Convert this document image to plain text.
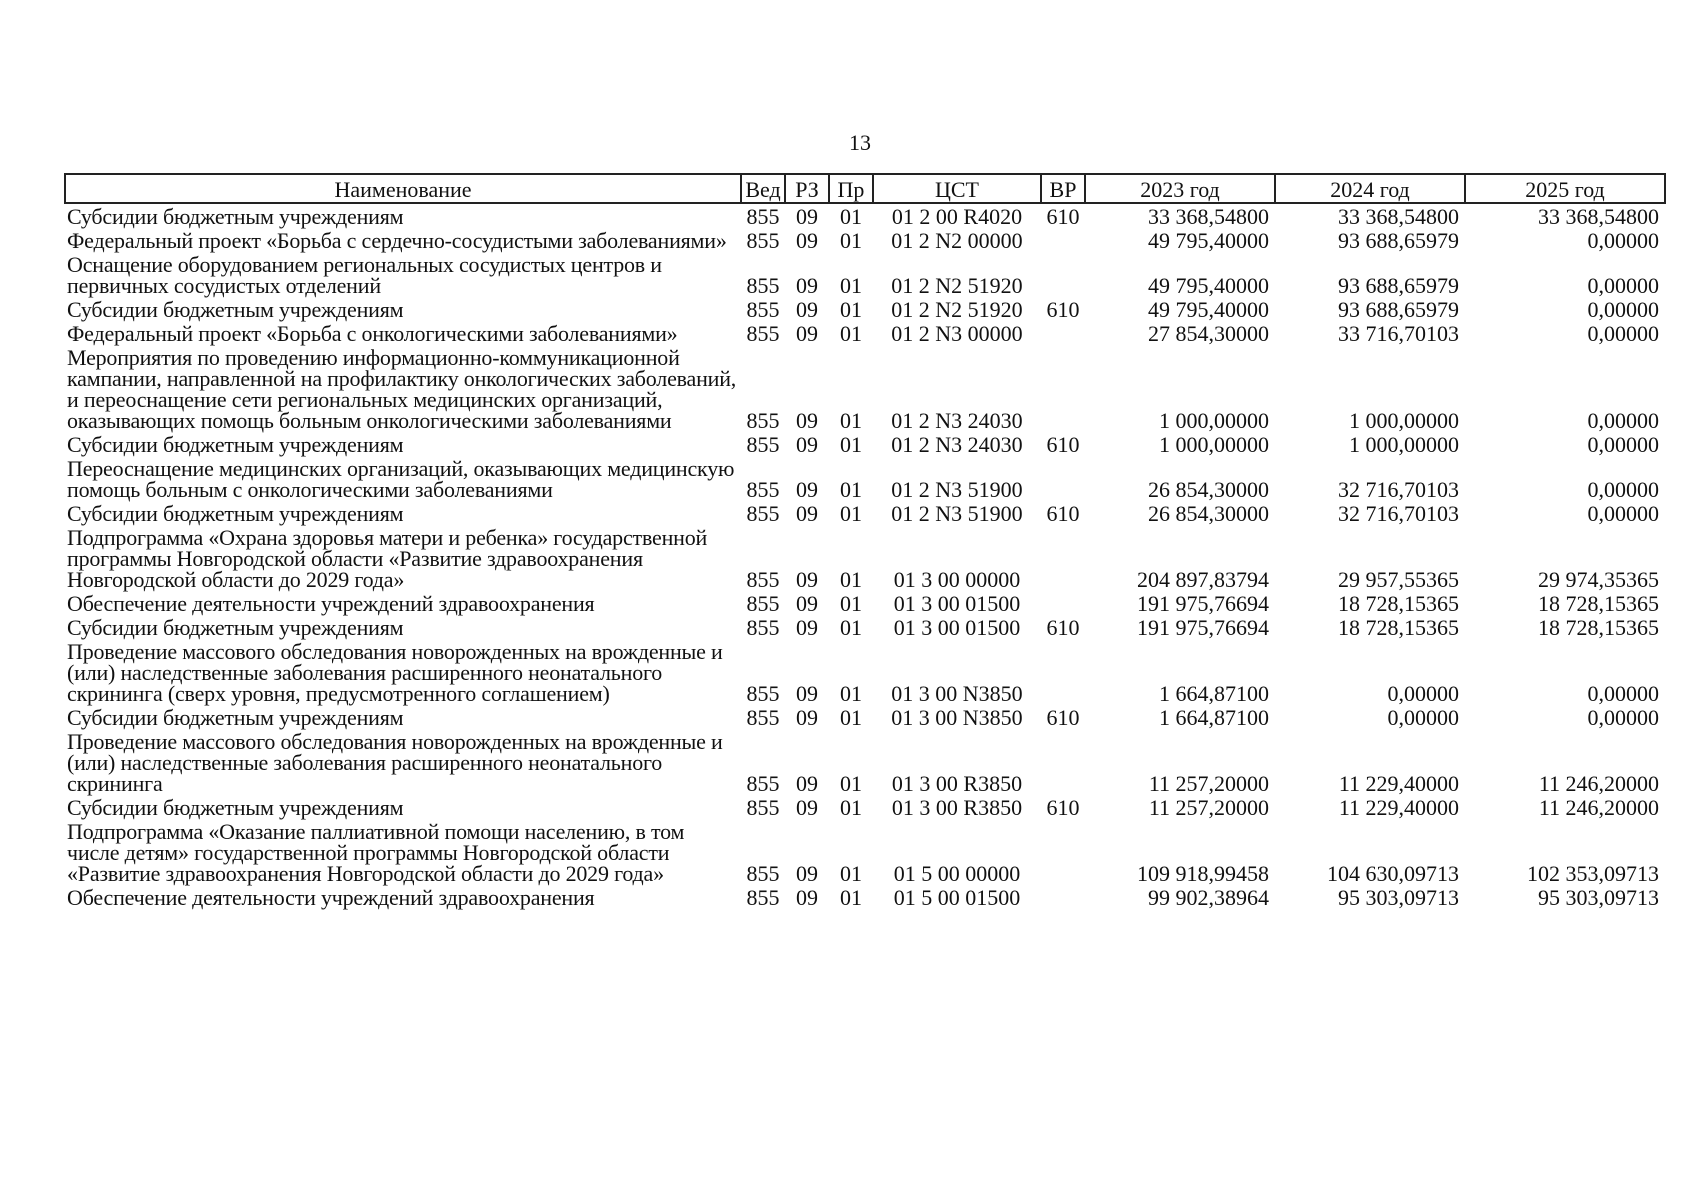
13
Наименование	Вед	РЗ	Пр	ЦСТ	ВР	2023 год	2024 год	2025 год
Субсидии бюджетным учреждениям	855	09	01	01 2 00 R4020	610	33 368,54800	33 368,54800	33 368,54800
Федеральный проект «Борьба с сердечно-сосудистыми заболеваниями»	855	09	01	01 2 N2 00000		49 795,40000	93 688,65979	0,00000
Оснащение оборудованием региональных сосудистых центров и первичных сосудистых отделений	855	09	01	01 2 N2 51920		49 795,40000	93 688,65979	0,00000
Субсидии бюджетным учреждениям	855	09	01	01 2 N2 51920	610	49 795,40000	93 688,65979	0,00000
Федеральный проект «Борьба с онкологическими заболеваниями»	855	09	01	01 2 N3 00000		27 854,30000	33 716,70103	0,00000
Мероприятия по проведению информационно-коммуникационной кампании, направленной на профилактику онкологических заболеваний, и переоснащение сети региональных медицинских организаций, оказывающих помощь больным онкологическими заболеваниями	855	09	01	01 2 N3 24030		1 000,00000	1 000,00000	0,00000
Субсидии бюджетным учреждениям	855	09	01	01 2 N3 24030	610	1 000,00000	1 000,00000	0,00000
Переоснащение медицинских организаций, оказывающих медицинскую помощь больным с онкологическими заболеваниями	855	09	01	01 2 N3 51900		26 854,30000	32 716,70103	0,00000
Субсидии бюджетным учреждениям	855	09	01	01 2 N3 51900	610	26 854,30000	32 716,70103	0,00000
Подпрограмма «Охрана здоровья матери и ребенка» государственной программы Новгородской области «Развитие здравоохранения Новгородской области до 2029 года»	855	09	01	01 3 00 00000		204 897,83794	29 957,55365	29 974,35365
Обеспечение деятельности учреждений здравоохранения	855	09	01	01 3 00 01500		191 975,76694	18 728,15365	18 728,15365
Субсидии бюджетным учреждениям	855	09	01	01 3 00 01500	610	191 975,76694	18 728,15365	18 728,15365
Проведение массового обследования новорожденных на врожденные и (или) наследственные заболевания расширенного неонатального скрининга (сверх уровня, предусмотренного соглашением)	855	09	01	01 3 00 N3850		1 664,87100	0,00000	0,00000
Субсидии бюджетным учреждениям	855	09	01	01 3 00 N3850	610	1 664,87100	0,00000	0,00000
Проведение массового обследования новорожденных на врожденные и (или) наследственные заболевания расширенного неонатального скрининга	855	09	01	01 3 00 R3850		11 257,20000	11 229,40000	11 246,20000
Субсидии бюджетным учреждениям	855	09	01	01 3 00 R3850	610	11 257,20000	11 229,40000	11 246,20000
Подпрограмма «Оказание паллиативной помощи населению, в том числе детям» государственной программы Новгородской области «Развитие здравоохранения Новгородской области до 2029 года»	855	09	01	01 5 00 00000		109 918,99458	104 630,09713	102 353,09713
Обеспечение деятельности учреждений здравоохранения	855	09	01	01 5 00 01500		99 902,38964	95 303,09713	95 303,09713
